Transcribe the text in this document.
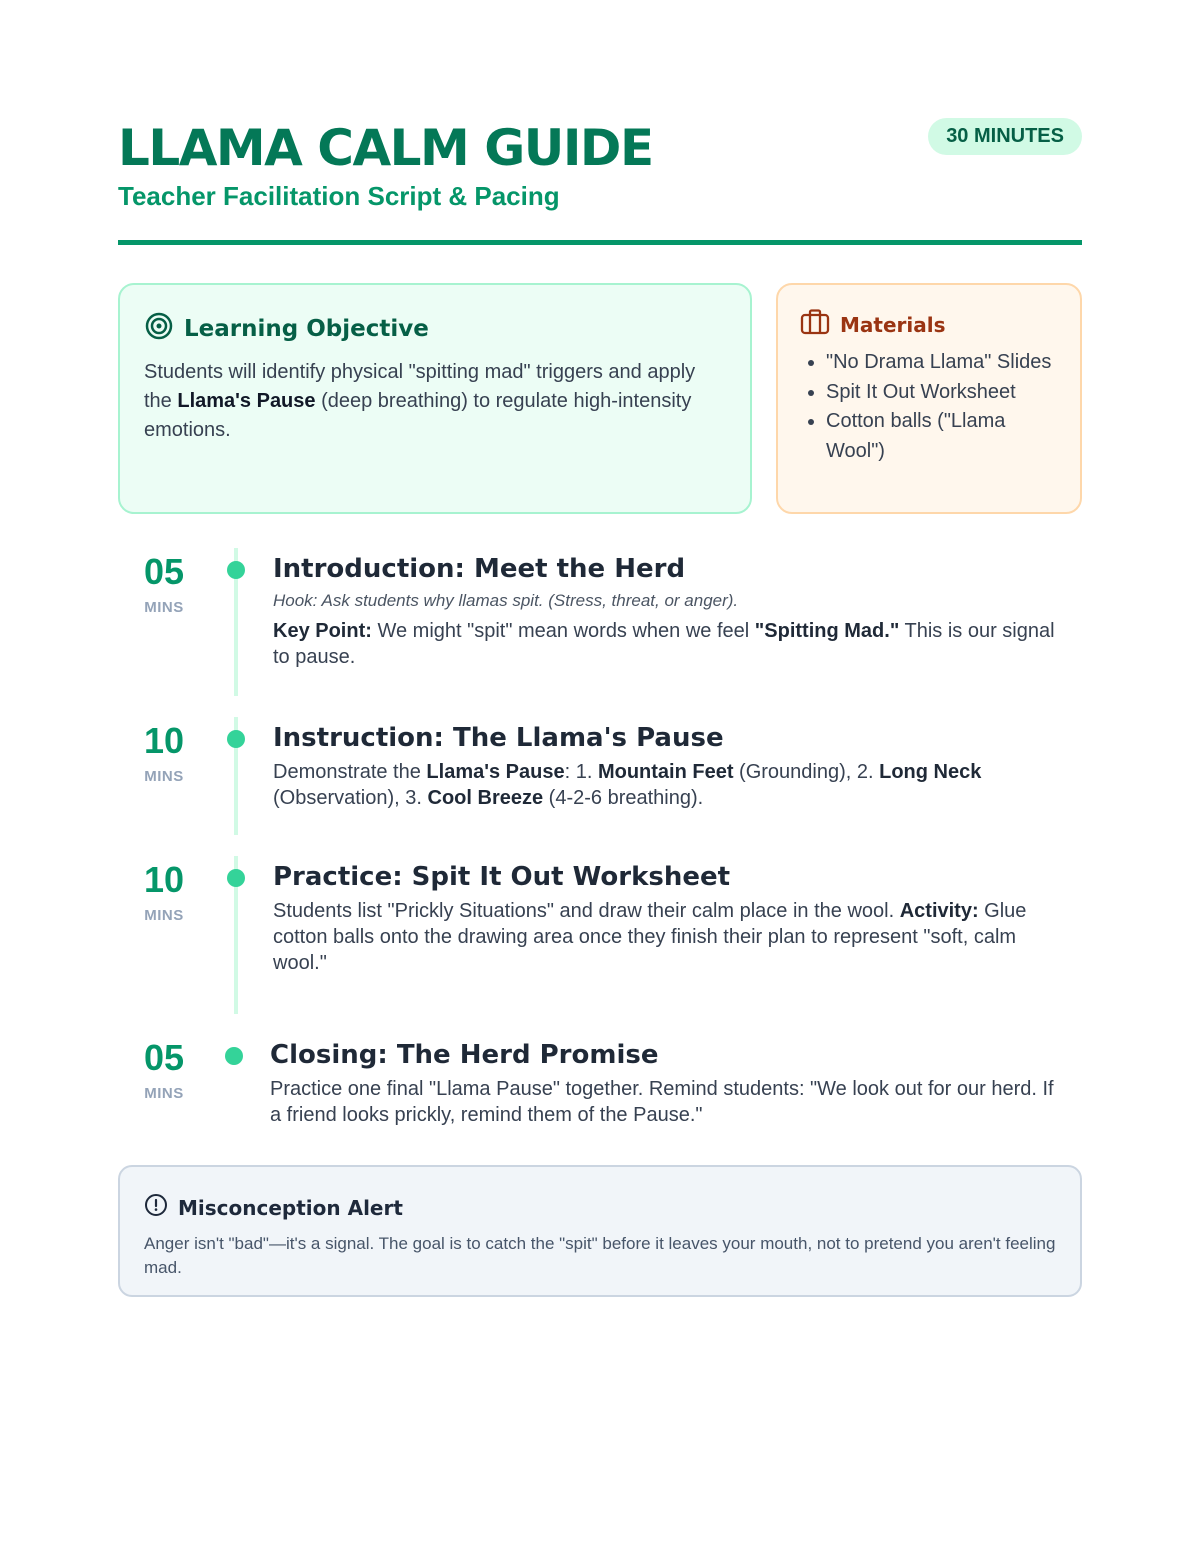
LLAMA CALM GUIDE
Teacher Facilitation Script & Pacing
30 MINUTES
Learning Objective
Students will identify physical "spitting mad" triggers and apply the Llama's Pause (deep breathing) to regulate high-intensity emotions.
Materials
• "No Drama Llama" Slides
• Spit It Out Worksheet
• Cotton balls ("Llama Wool")
05
MINS
Introduction: Meet the Herd
Hook: Ask students why llamas spit. (Stress, threat, or anger).
Key Point: We might "spit" mean words when we feel "Spitting Mad." This is our signal to pause.
10
MINS
Instruction: The Llama's Pause
Demonstrate the Llama's Pause: 1. Mountain Feet (Grounding), 2. Long Neck (Observation), 3. Cool Breeze (4-2-6 breathing).
10
MINS
Practice: Spit It Out Worksheet
Students list "Prickly Situations" and draw their calm place in the wool. Activity: Glue cotton balls onto the drawing area once they finish their plan to represent "soft, calm wool."
05
MINS
Closing: The Herd Promise
Practice one final "Llama Pause" together. Remind students: "We look out for our herd. If a friend looks prickly, remind them of the Pause."
Misconception Alert
Anger isn't "bad"—it's a signal. The goal is to catch the "spit" before it leaves your mouth, not to pretend you aren't feeling mad.
